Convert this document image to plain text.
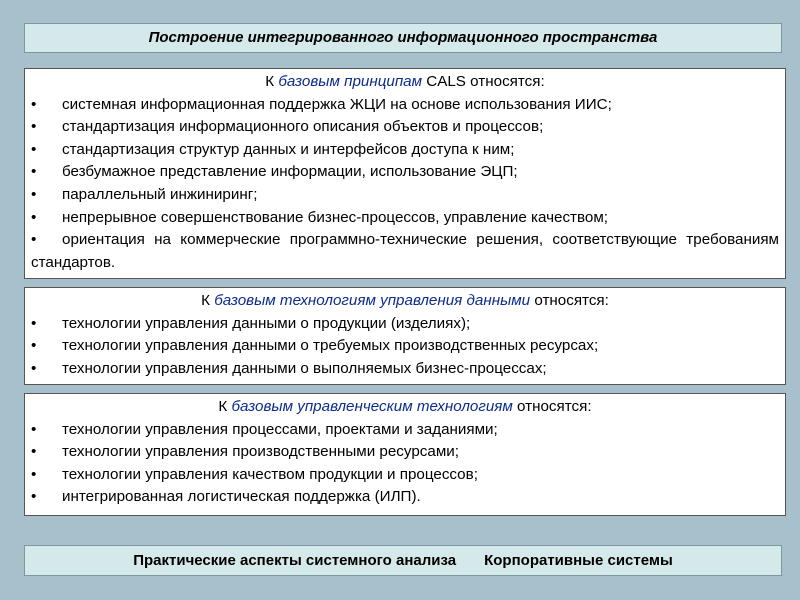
Построение интегрированного информационного пространства
К базовым принципам CALS относятся:
•	системная информационная поддержка ЖЦИ на основе использования ИИС;
•	стандартизация информационного описания объектов и процессов;
•	стандартизация структур данных и интерфейсов доступа к ним;
•	безбумажное представление информации, использование ЭЦП;
•	параллельный инжиниринг;
•	непрерывное совершенствование бизнес-процессов, управление качеством;
• ориентация на коммерческие программно-технические решения, соответствующие требованиям стандартов.
К базовым технологиям управления данными относятся:
•	технологии управления данными о продукции (изделиях);
•	технологии управления данными о требуемых производственных ресурсах;
•	технологии управления данными о выполняемых бизнес-процессах;
К базовым управленческим технологиям относятся:
•	технологии управления процессами, проектами и заданиями;
•	технологии управления производственными ресурсами;
•	технологии управления качеством продукции и процессов;
•	интегрированная логистическая поддержка (ИЛП).
Практические аспекты системного анализа Корпоративные системы
